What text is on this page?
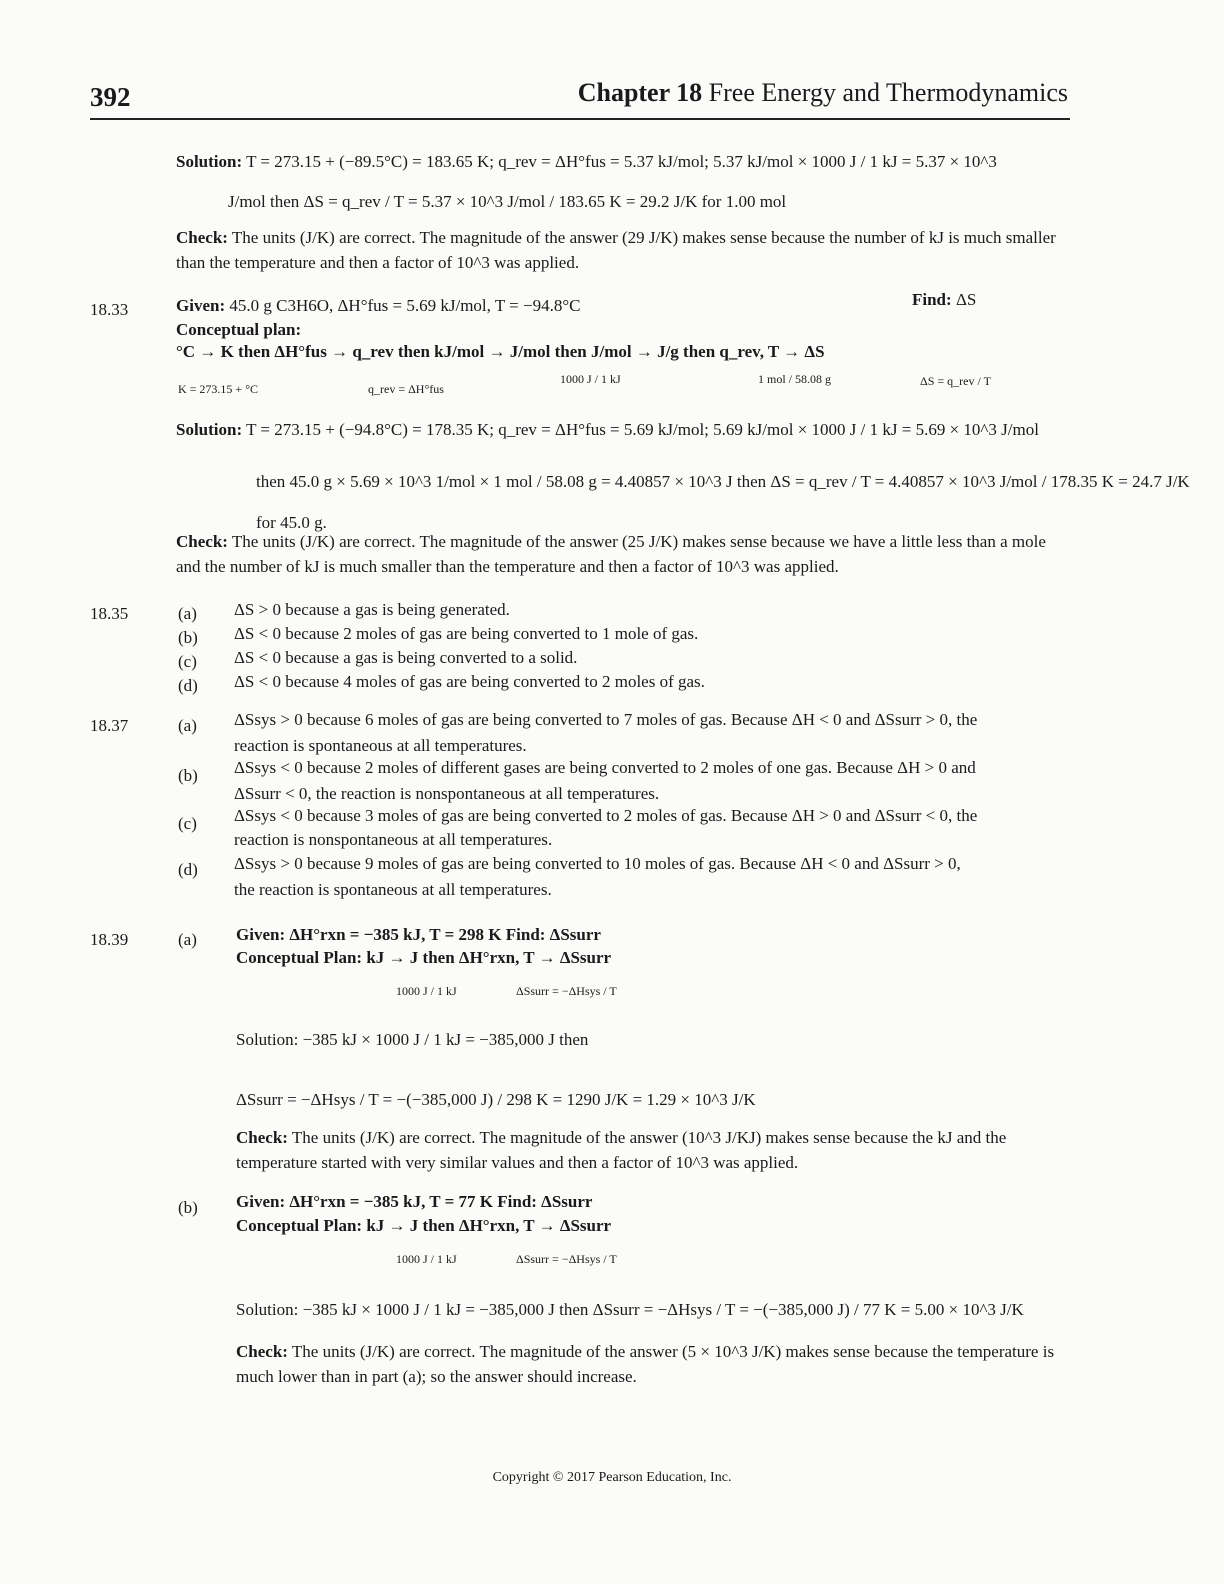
392	Chapter 18 Free Energy and Thermodynamics
Solution: T = 273.15 + (−89.5°C) = 183.65 K; q_rev = ΔH°fus = 5.37 kJ/mol; 5.37 kJ/mol × 1000 J / 1 kJ = 5.37 × 10^3
J/mol then ΔS = q_rev / T = 5.37 × 10^3 J/mol / 183.65 K = 29.2 J/K for 1.00 mol
Check: The units (J/K) are correct. The magnitude of the answer (29 J/K) makes sense because the number of kJ is much smaller than the temperature and then a factor of 10^3 was applied.
18.33	Given: 45.0 g C3H6O, ΔH°fus = 5.69 kJ/mol, T = −94.8°C	Find: ΔS
Conceptual plan:
°C → K then ΔH°fus → q_rev then kJ/mol → J/mol then J/mol → J/g then q_rev, T → ΔS
K = 273.15 + °C	q_rev = ΔH°fus
1000 J / 1 kJ	1 mol / 58.08 g	ΔS = q_rev / T
Solution: T = 273.15 + (−94.8°C) = 178.35 K; q_rev = ΔH°fus = 5.69 kJ/mol; 5.69 kJ/mol × 1000 J / 1 kJ = 5.69 × 10^3 J/mol
then 45.0 g × 5.69 × 10^3 1/mol × 1 mol / 58.08 g = 4.40857 × 10^3 J then ΔS = q_rev / T = 4.40857 × 10^3 J/mol / 178.35 K = 24.7 J/K
for 45.0 g.
Check: The units (J/K) are correct. The magnitude of the answer (25 J/K) makes sense because we have a little less than a mole and the number of kJ is much smaller than the temperature and then a factor of 10^3 was applied.
18.35	(a) ΔS > 0 because a gas is being generated.
(b) ΔS < 0 because 2 moles of gas are being converted to 1 mole of gas.
(c) ΔS < 0 because a gas is being converted to a solid.
(d) ΔS < 0 because 4 moles of gas are being converted to 2 moles of gas.
18.37	(a) ΔSsys > 0 because 6 moles of gas are being converted to 7 moles of gas. Because ΔH < 0 and ΔSsurr > 0, the
reaction is spontaneous at all temperatures.
(b) ΔSsys < 0 because 2 moles of different gases are being converted to 2 moles of one gas. Because ΔH > 0 and
ΔSsurr < 0, the reaction is nonspontaneous at all temperatures.
(c) ΔSsys < 0 because 3 moles of gas are being converted to 2 moles of gas. Because ΔH > 0 and ΔSsurr < 0, the
reaction is nonspontaneous at all temperatures.
(d) ΔSsys > 0 because 9 moles of gas are being converted to 10 moles of gas. Because ΔH < 0 and ΔSsurr > 0,
the reaction is spontaneous at all temperatures.
18.39	(a) Given: ΔH°rxn = −385 kJ, T = 298 K Find: ΔSsurr
Conceptual Plan: kJ → J then ΔH°rxn, T → ΔSsurr
1000 J / 1 kJ	ΔSsurr = −ΔHsys / T
Solution: −385 kJ × 1000 J / 1 kJ = −385,000 J then
ΔSsurr = −ΔHsys / T = −(−385,000 J) / 298 K = 1290 J/K = 1.29 × 10^3 J/K
Check: The units (J/K) are correct. The magnitude of the answer (10^3 J/KJ) makes sense because the kJ and the temperature started with very similar values and then a factor of 10^3 was applied.
(b) Given: ΔH°rxn = −385 kJ, T = 77 K Find: ΔSsurr
Conceptual Plan: kJ → J then ΔH°rxn, T → ΔSsurr
1000 J / 1 kJ	ΔSsurr = −ΔHsys / T
Solution: −385 kJ × 1000 J / 1 kJ = −385,000 J then ΔSsurr = −ΔHsys / T = −(−385,000 J) / 77 K = 5.00 × 10^3 J/K
Check: The units (J/K) are correct. The magnitude of the answer (5 × 10^3 J/K) makes sense because the temperature is much lower than in part (a); so the answer should increase.
Copyright © 2017 Pearson Education, Inc.
